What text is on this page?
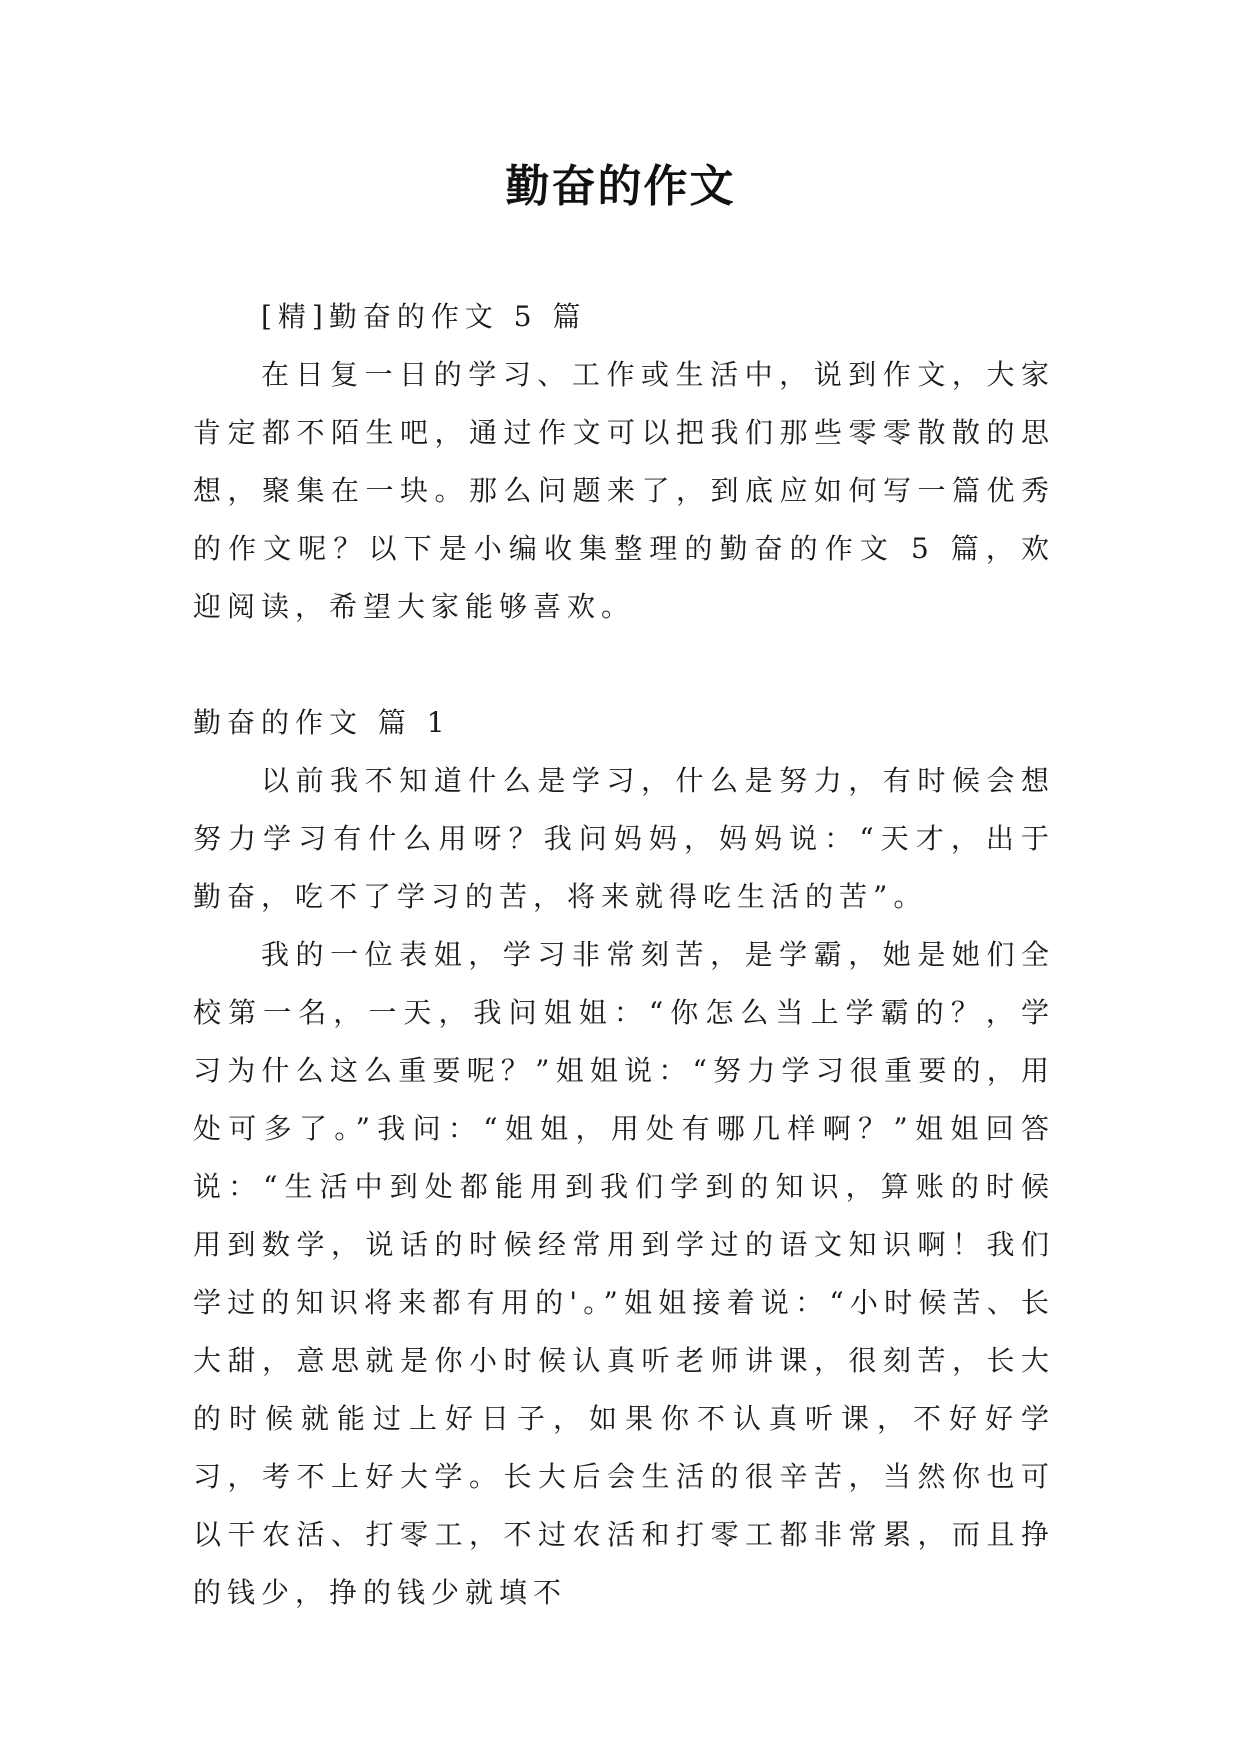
勤奋的作文

[精]勤奋的作文 5 篇

在日复一日的学习、工作或生活中，说到作文，大家肯定都不陌生吧，通过作文可以把我们那些零零散散的思想，聚集在一块。那么问题来了，到底应如何写一篇优秀的作文呢？以下是小编收集整理的勤奋的作文 5 篇，欢迎阅读，希望大家能够喜欢。

勤奋的作文 篇 1

以前我不知道什么是学习，什么是努力，有时候会想努力学习有什么用呀？我问妈妈，妈妈说：“天才，出于勤奋，吃不了学习的苦，将来就得吃生活的苦”。

我的一位表姐，学习非常刻苦，是学霸，她是她们全校第一名，一天，我问姐姐：“你怎么当上学霸的？，学习为什么这么重要呢？”姐姐说：“努力学习很重要的，用处可多了。”我问：“姐姐，用处有哪几样啊？”姐姐回答说：“生活中到处都能用到我们学到的知识，算账的时候用到数学，说话的时候经常用到学过的语文知识啊！我们学过的知识将来都有用的'。”姐姐接着说：“小时候苦、长大甜，意思就是你小时候认真听老师讲课，很刻苦，长大的时候就能过上好日子，如果你不认真听课，不好好学习，考不上好大学。长大后会生活的很辛苦，当然你也可以干农活、打零工，不过农活和打零工都非常累，而且挣的钱少，挣的钱少就填不
